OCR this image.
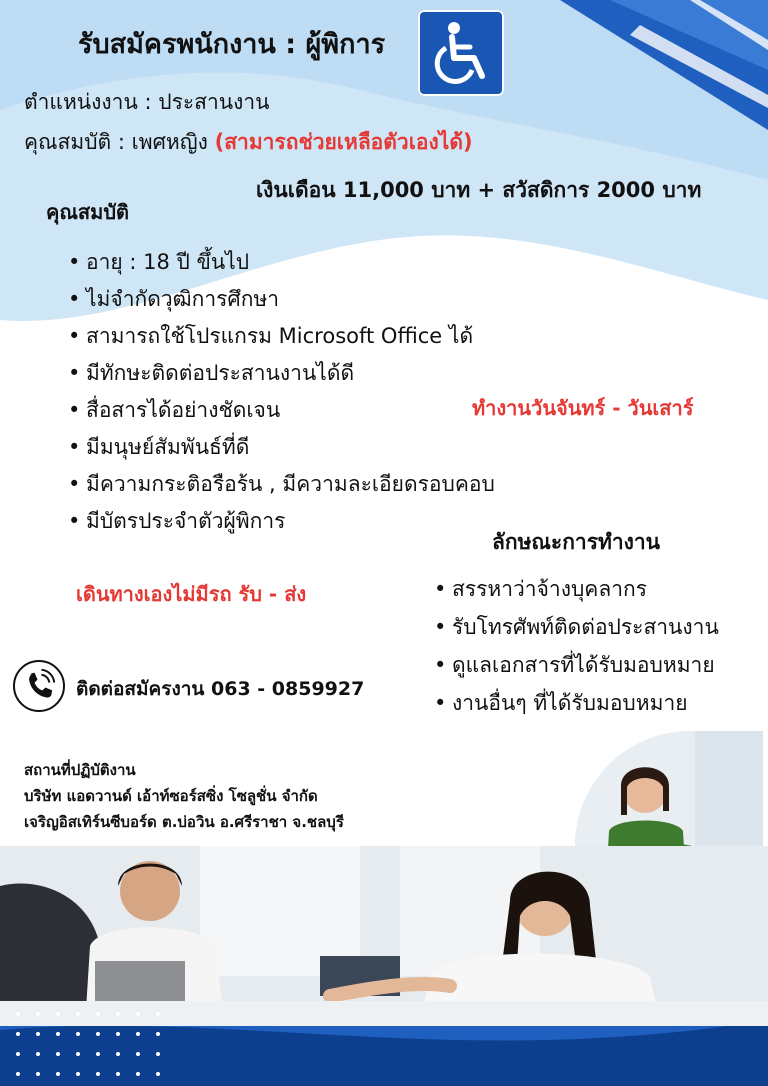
รับสมัครพนักงาน : ผู้พิการ
ตำแหน่งงาน : ประสานงาน
คุณสมบัติ : เพศหญิง (สามารถช่วยเหลือตัวเองได้)
เงินเดือน 11,000 บาท + สวัสดิการ 2000 บาท
คุณสมบัติ
• อายุ : 18 ปี ขึ้นไป
• ไม่จำกัดวุฒิการศึกษา
• สามารถใช้โปรแกรม Microsoft Office ได้
• มีทักษะติดต่อประสานงานได้ดี
• สื่อสารได้อย่างชัดเจน
• มีมนุษย์สัมพันธ์ที่ดี
• มีความกระติอรือร้น , มีความละเอียดรอบคอบ
• มีบัตรประจำตัวผู้พิการ
ทำงานวันจันทร์ - วันเสาร์
ลักษณะการทำงาน
• สรรหาว่าจ้างบุคลากร
• รับโทรศัพท์ติดต่อประสานงาน
• ดูแลเอกสารที่ได้รับมอบหมาย
• งานอื่นๆ ที่ได้รับมอบหมาย
เดินทางเองไม่มีรถ รับ - ส่ง
ติดต่อสมัครงาน 063 - 0859927
สถานที่ปฏิบัติงาน
บริษัท แอดวานด์ เอ้าท์ซอร์สซิ่ง โซลูชั่น จำกัด
เจริญอิสเทิร์นซีบอร์ด ต.บ่อวิน อ.ศรีราชา จ.ชลบุรี
